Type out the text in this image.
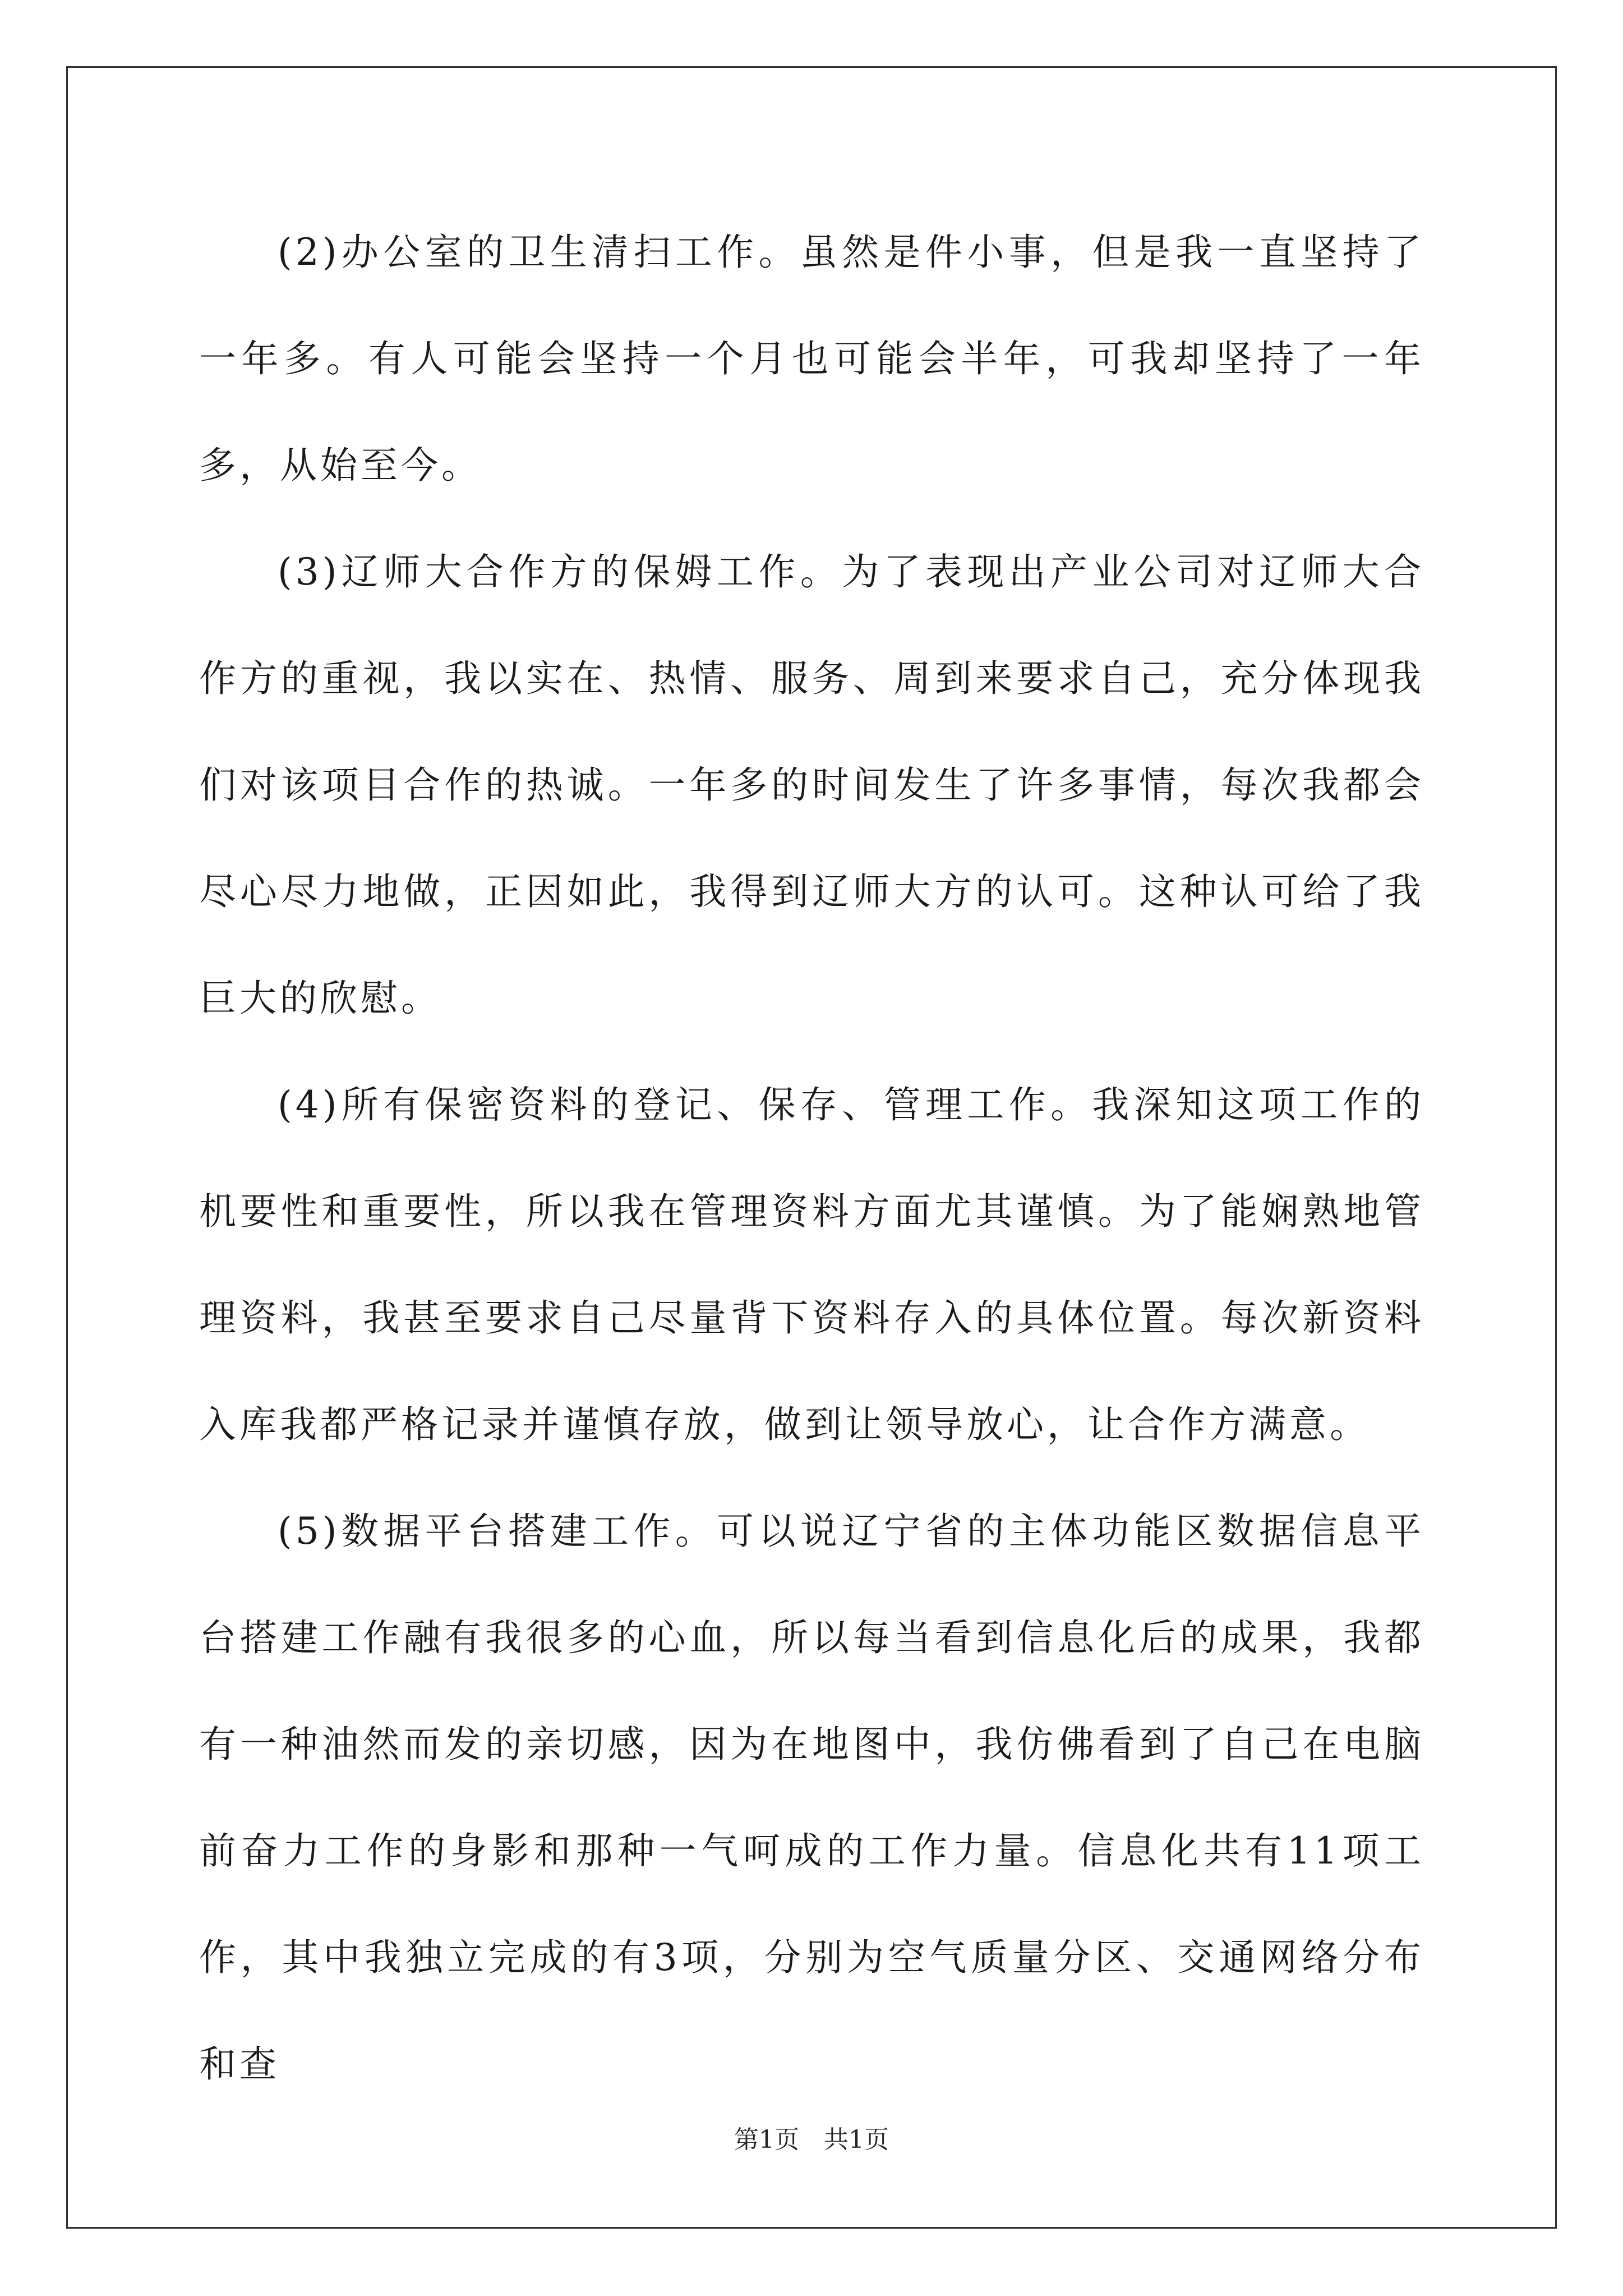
(2)办公室的卫生清扫工作。虽然是件小事，但是我一直坚持了一年多。有人可能会坚持一个月也可能会半年，可我却坚持了一年多，从始至今。

(3)辽师大合作方的保姆工作。为了表现出产业公司对辽师大合作方的重视，我以实在、热情、服务、周到来要求自己，充分体现我们对该项目合作的热诚。一年多的时间发生了许多事情，每次我都会尽心尽力地做，正因如此，我得到辽师大方的认可。这种认可给了我巨大的欣慰。

(4)所有保密资料的登记、保存、管理工作。我深知这项工作的机要性和重要性，所以我在管理资料方面尤其谨慎。为了能娴熟地管理资料，我甚至要求自己尽量背下资料存入的具体位置。每次新资料入库我都严格记录并谨慎存放，做到让领导放心，让合作方满意。

(5)数据平台搭建工作。可以说辽宁省的主体功能区数据信息平台搭建工作融有我很多的心血，所以每当看到信息化后的成果，我都有一种油然而发的亲切感，因为在地图中，我仿佛看到了自己在电脑前奋力工作的身影和那种一气呵成的工作力量。信息化共有11项工作，其中我独立完成的有3项，分别为空气质量分区、交通网络分布和查

第1页　共1页
